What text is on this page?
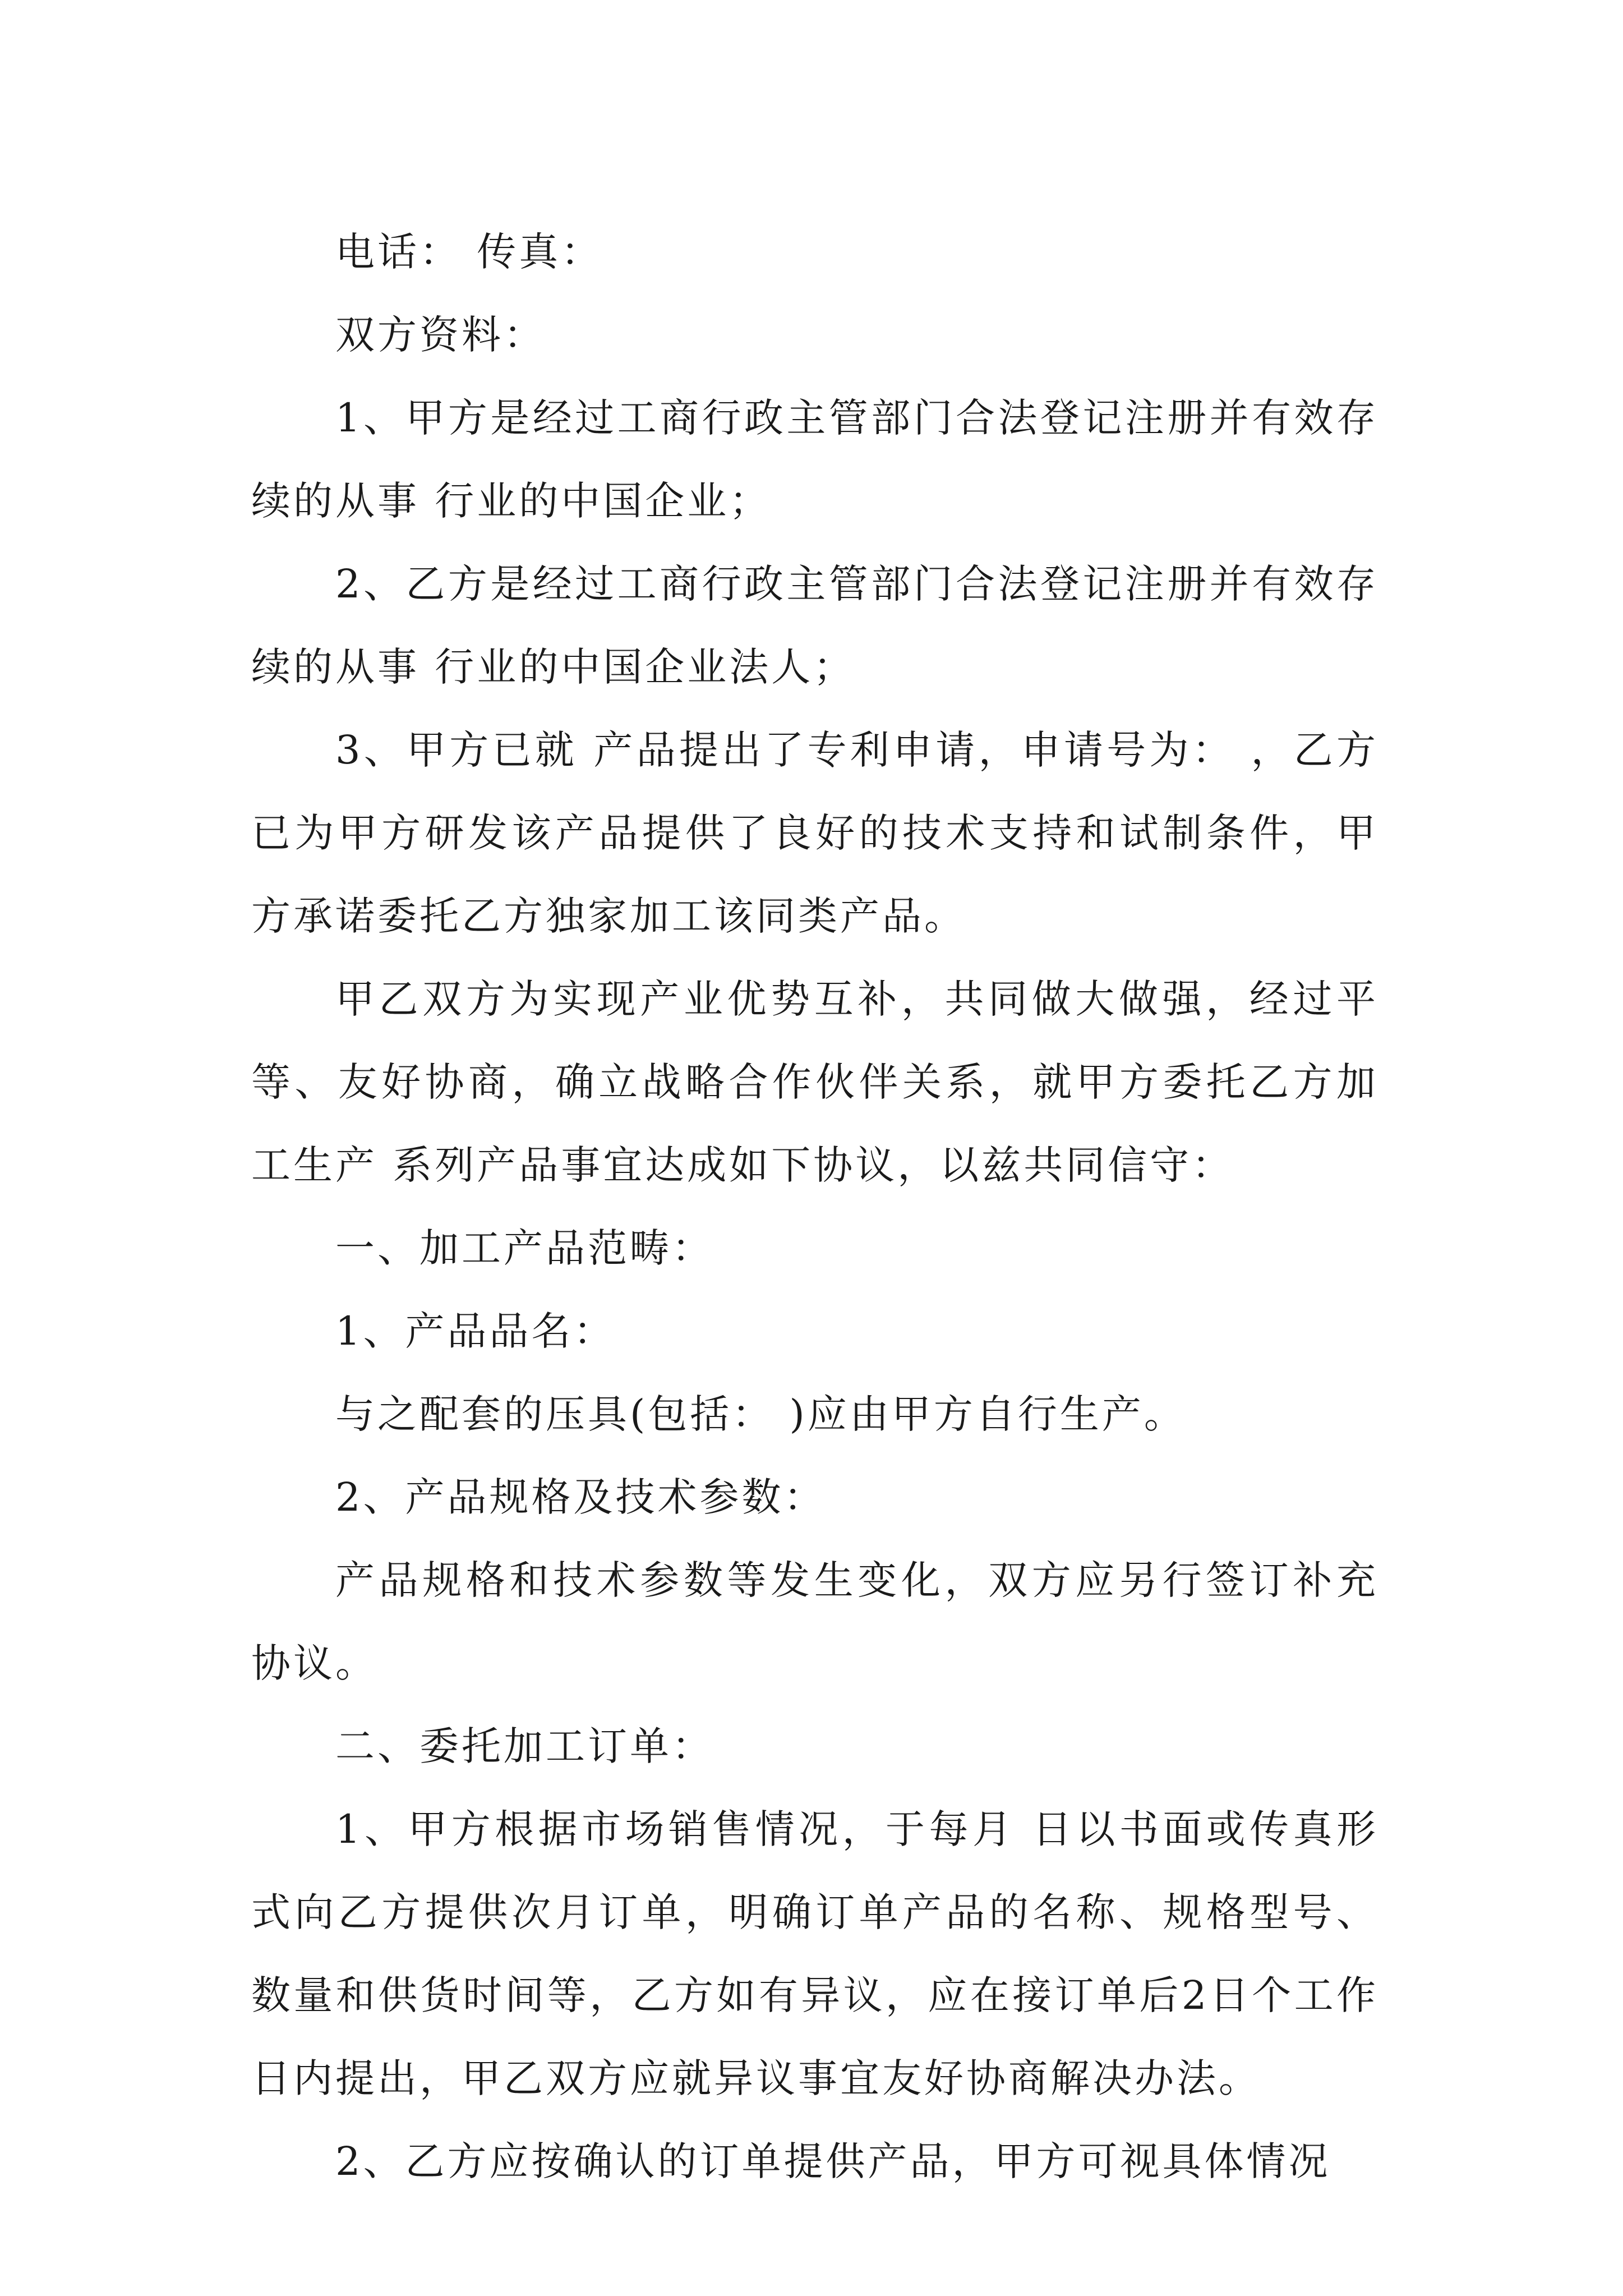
电话： 传真：

双方资料：

1、甲方是经过工商行政主管部门合法登记注册并有效存续的从事 行业的中国企业；

2、乙方是经过工商行政主管部门合法登记注册并有效存续的从事 行业的中国企业法人；

3、甲方已就 产品提出了专利申请，申请号为： ，乙方已为甲方研发该产品提供了良好的技术支持和试制条件，甲方承诺委托乙方独家加工该同类产品。

甲乙双方为实现产业优势互补，共同做大做强，经过平等、友好协商，确立战略合作伙伴关系，就甲方委托乙方加工生产 系列产品事宜达成如下协议，以兹共同信守：

一、加工产品范畴：

1、产品品名：

与之配套的压具(包括： )应由甲方自行生产。

2、产品规格及技术参数：

产品规格和技术参数等发生变化，双方应另行签订补充协议。

二、委托加工订单：

1、甲方根据市场销售情况，于每月 日以书面或传真形式向乙方提供次月订单，明确订单产品的名称、规格型号、数量和供货时间等，乙方如有异议，应在接订单后2日个工作日内提出，甲乙双方应就异议事宜友好协商解决办法。

2、乙方应按确认的订单提供产品，甲方可视具体情况
